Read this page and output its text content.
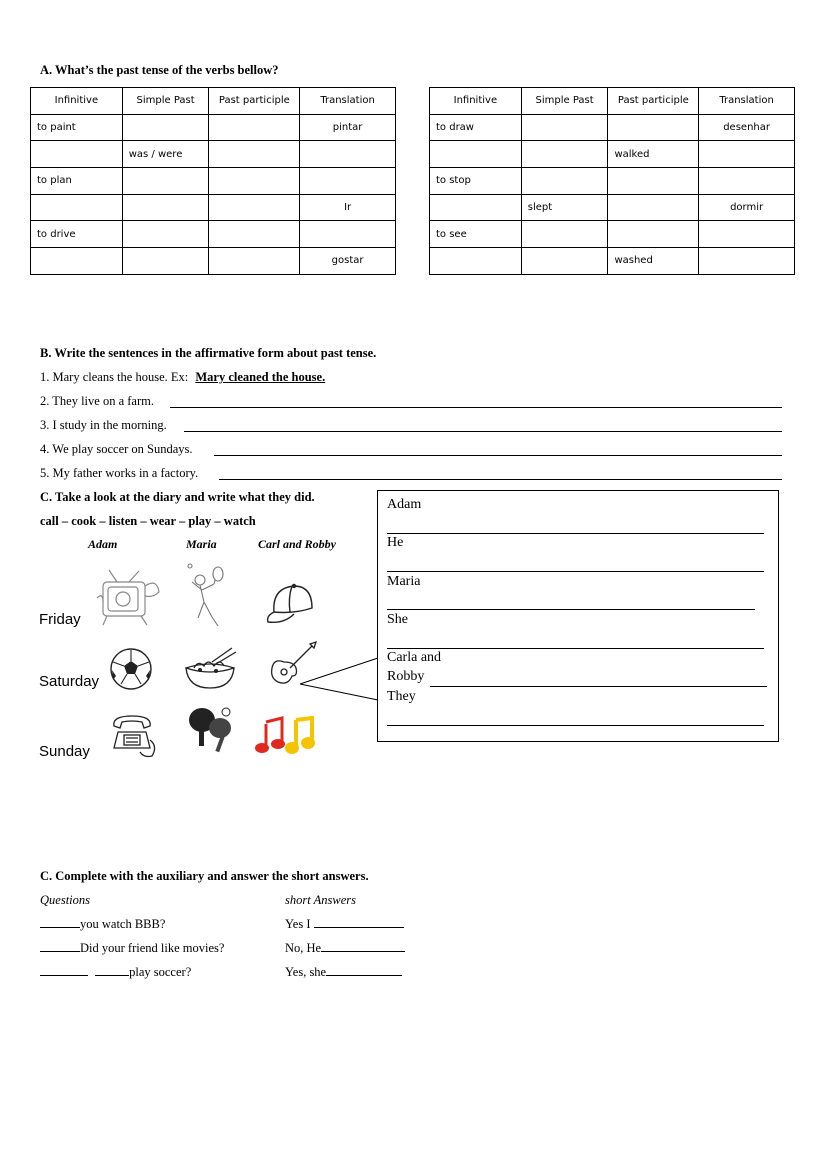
A. What’s the past tense of the verbs bellow?
Infinitive	Simple Past	Past participle	Translation
to paint			pintar
	was / were		
to plan			
			Ir
to drive			
			gostar
Infinitive	Simple Past	Past participle	Translation
to draw			desenhar
		walked	
to stop			
	slept		dormir
to see			
		washed	
B. Write the sentences in the affirmative form about past tense.
1. Mary cleans the house. Ex: Mary cleaned the house.
2. They live on a farm.
3. I study in the morning.
4. We play soccer on Sundays.
5. My father works in a factory.
C. Take a look at the diary and write what they did.
call – cook – listen – wear – play – watch
Adam	Maria	Carl and Robby
Friday
Saturday
Sunday
Adam
He
Maria
She
Carla and
Robby
They
C. Complete with the auxiliary and answer the short answers.
Questions	short Answers
you watch BBB?	Yes I
Did your friend like movies?	No, He
play soccer?	Yes, she
